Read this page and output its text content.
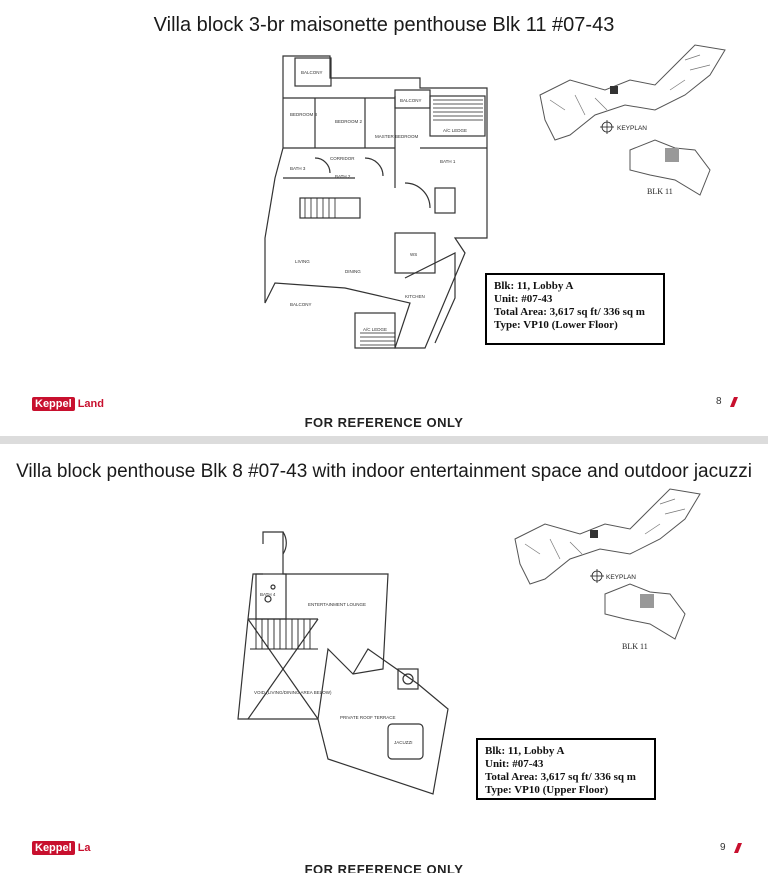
Villa block 3-br maisonette penthouse Blk 11 #07-43
BALCONY
BEDROOM 3
BEDROOM 2
BALCONY
A/C LEDGE
MASTER BEDROOM
CORRIDOR
BATH 3
BATH 2
BATH 1
LIVING
DINING
WS
KITCHEN
BALCONY
A/C LEDGE
KEYPLAN
BLK 11
Blk: 11, Lobby A
Unit: #07-43
Total Area: 3,617 sq ft/ 336 sq m
Type: VP10 (Lower Floor)
Keppel Land	8
FOR REFERENCE ONLY
Villa block penthouse Blk 8 #07-43 with indoor entertainment space and outdoor jacuzzi
BATH 4
ENTERTAINMENT LOUNGE
VOID (LIVING/DINING AREA BELOW)
PRIVATE ROOF TERRACE
JACUZZI
KEYPLAN
BLK 11
Blk: 11, Lobby A
Unit: #07-43
Total Area: 3,617 sq ft/ 336 sq m
Type: VP10 (Upper Floor)
Keppel La	9
FOR REFERENCE ONLY
